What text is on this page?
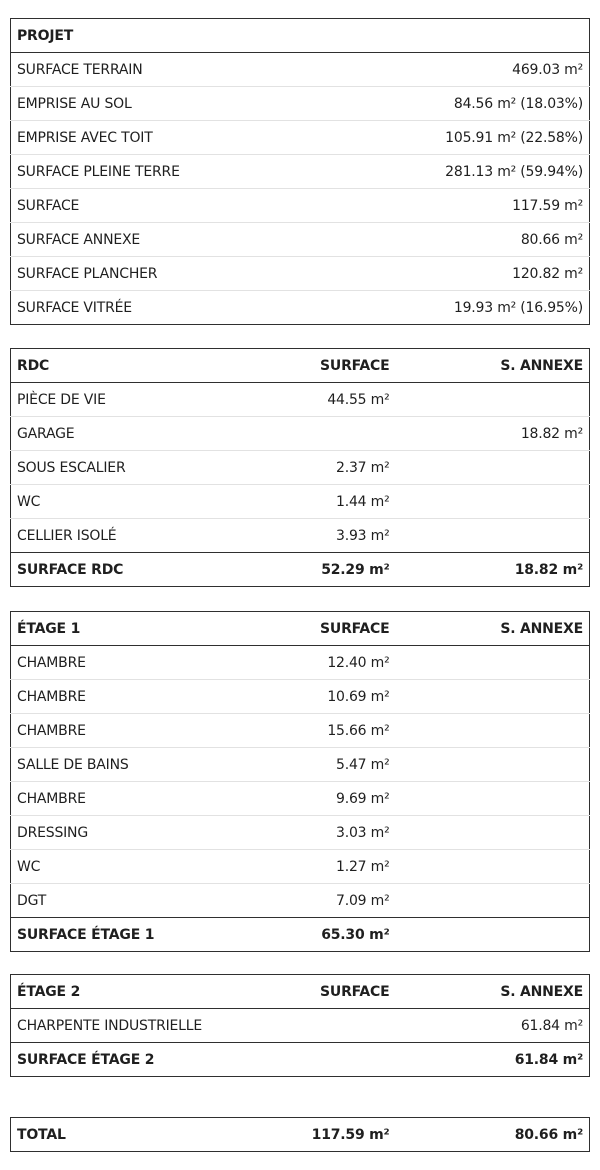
PROJET	
SURFACE TERRAIN	469.03 m²
EMPRISE AU SOL	84.56 m² (18.03%)
EMPRISE AVEC TOIT	105.91 m² (22.58%)
SURFACE PLEINE TERRE	281.13 m² (59.94%)
SURFACE	117.59 m²
SURFACE ANNEXE	80.66 m²
SURFACE PLANCHER	120.82 m²
SURFACE VITRÉE	19.93 m² (16.95%)
RDC	SURFACE	S. ANNEXE
PIÈCE DE VIE	44.55 m²	
GARAGE		18.82 m²
SOUS ESCALIER	2.37 m²	
WC	1.44 m²	
CELLIER ISOLÉ	3.93 m²	
SURFACE RDC	52.29 m²	18.82 m²
ÉTAGE 1	SURFACE	S. ANNEXE
CHAMBRE	12.40 m²	
CHAMBRE	10.69 m²	
CHAMBRE	15.66 m²	
SALLE DE BAINS	5.47 m²	
CHAMBRE	9.69 m²	
DRESSING	3.03 m²	
WC	1.27 m²	
DGT	7.09 m²	
SURFACE ÉTAGE 1	65.30 m²	
ÉTAGE 2	SURFACE	S. ANNEXE
CHARPENTE INDUSTRIELLE		61.84 m²
SURFACE ÉTAGE 2		61.84 m²
TOTAL	117.59 m²	80.66 m²
